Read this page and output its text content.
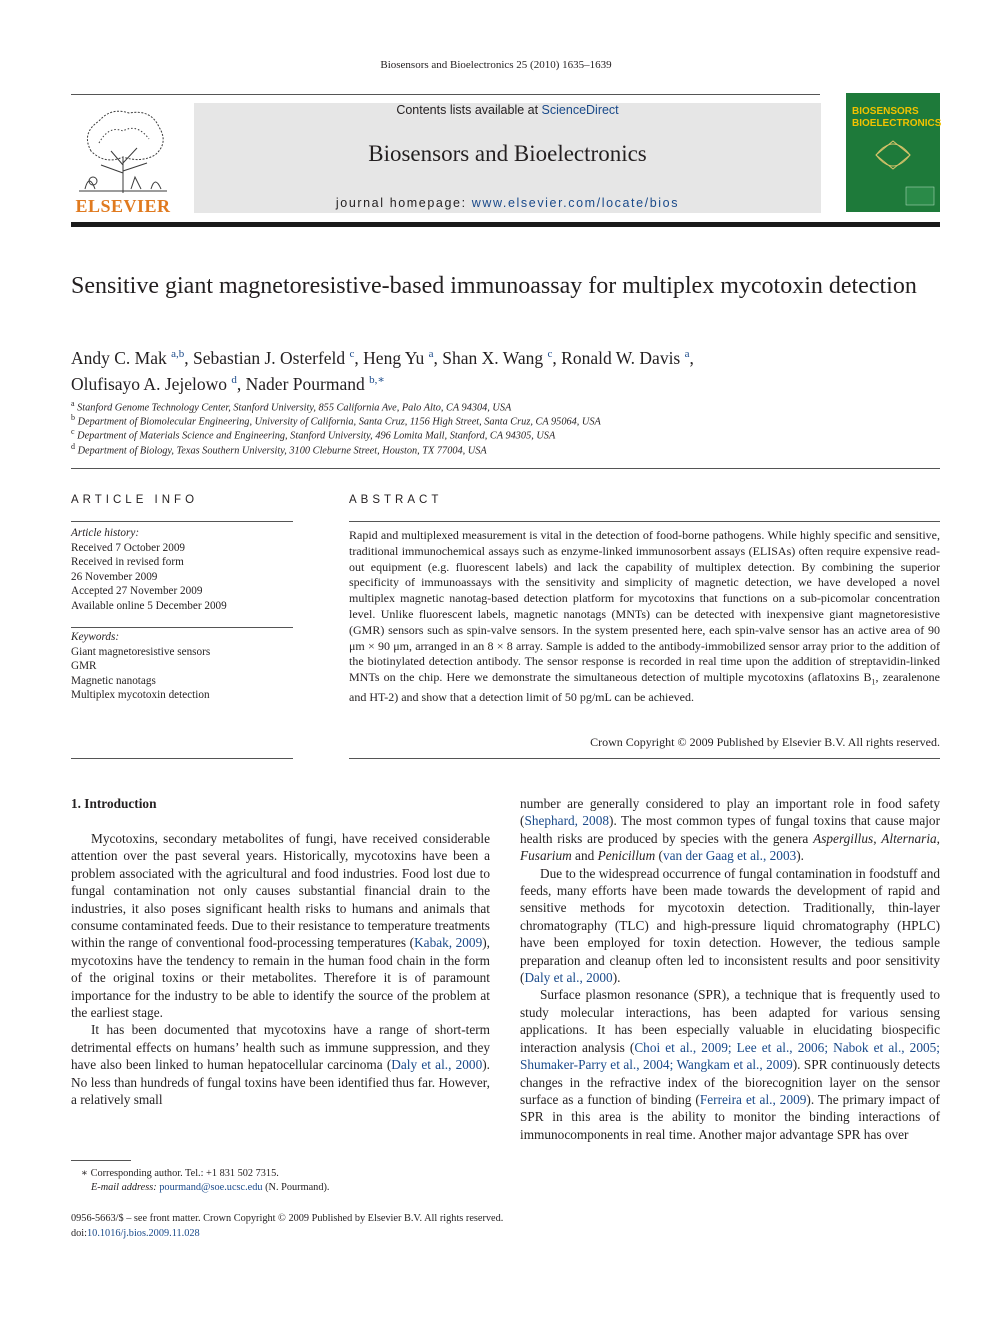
Biosensors and Bioelectronics 25 (2010) 1635–1639
ELSEVIER
Contents lists available at ScienceDirect
Biosensors and Bioelectronics
journal homepage: www.elsevier.com/locate/bios
BIOSENSORS
BIOELECTRONICS
Sensitive giant magnetoresistive-based immunoassay for multiplex mycotoxin detection
Andy C. Mak $^{a,b}$, Sebastian J. Osterfeld $^c$, Heng Yu $^a$, Shan X. Wang $^c$, Ronald W. Davis $^a$,
Olufisayo A. Jejelowo $^d$, Nader Pourmand $^{b,∗}$
$^a$ Stanford Genome Technology Center, Stanford University, 855 California Ave, Palo Alto, CA 94304, USA
$^b$ Department of Biomolecular Engineering, University of California, Santa Cruz, 1156 High Street, Santa Cruz, CA 95064, USA
$^c$ Department of Materials Science and Engineering, Stanford University, 496 Lomita Mall, Stanford, CA 94305, USA
$^d$ Department of Biology, Texas Southern University, 3100 Cleburne Street, Houston, TX 77004, USA
ARTICLE INFO
Article history:
Received 7 October 2009
Received in revised form
26 November 2009
Accepted 27 November 2009
Available online 5 December 2009
Keywords:
Giant magnetoresistive sensors
GMR
Magnetic nanotags
Multiplex mycotoxin detection
ABSTRACT
Rapid and multiplexed measurement is vital in the detection of food-borne pathogens. While highly specific and sensitive, traditional immunochemical assays such as enzyme-linked immunosorbent assays (ELISAs) often require expensive read-out equipment (e.g. fluorescent labels) and lack the capability of multiplex detection. By combining the superior specificity of immunoassays with the sensitivity and simplicity of magnetic detection, we have developed a novel multiplex magnetic nanotag-based detection platform for mycotoxins that functions on a sub-picomolar concentration level. Unlike fluorescent labels, magnetic nanotags (MNTs) can be detected with inexpensive giant magnetoresistive (GMR) sensors such as spin-valve sensors. In the system presented here, each spin-valve sensor has an active area of 90 μm × 90 μm, arranged in an 8 × 8 array. Sample is added to the antibody-immobilized sensor array prior to the addition of the biotinylated detection antibody. The sensor response is recorded in real time upon the addition of streptavidin-linked MNTs on the chip. Here we demonstrate the simultaneous detection of multiple mycotoxins (aflatoxins $B_1$, zearalenone and HT-2) and show that a detection limit of 50 pg/mL can be achieved.
Crown Copyright © 2009 Published by Elsevier B.V. All rights reserved.
1. Introduction

Mycotoxins, secondary metabolites of fungi, have received considerable attention over the past several years. Historically, mycotoxins have been a problem associated with the agricultural and food industries. Food lost due to fungal contamination not only causes substantial financial drain to the industries, it also poses significant health risks to humans and animals that consume contaminated feeds. Due to their resistance to temperature treatments within the range of conventional food-processing temperatures (Kabak, 2009), mycotoxins have the tendency to remain in the human food chain in the form of the original toxins or their metabolites. Therefore it is of paramount importance for the industry to be able to identify the source of the problem at the earliest stage.

It has been documented that mycotoxins have a range of short-term detrimental effects on humans’ health such as immune suppression, and they have also been linked to human hepatocellular carcinoma (Daly et al., 2000). No less than hundreds of fungal toxins have been identified thus far. However, a relatively small

number are generally considered to play an important role in food safety (Shephard, 2008). The most common types of fungal toxins that cause major health risks are produced by species with the genera Aspergillus, Alternaria, Fusarium and Penicillum (van der Gaag et al., 2003).

Due to the widespread occurrence of fungal contamination in foodstuff and feeds, many efforts have been made towards the development of rapid and sensitive methods for mycotoxin detection. Traditionally, thin-layer chromatography (TLC) and high-pressure liquid chromatography (HPLC) have been employed for toxin detection. However, the tedious sample preparation and cleanup often led to inconsistent results and poor sensitivity (Daly et al., 2000).

Surface plasmon resonance (SPR), a technique that is frequently used to study molecular interactions, has been adapted for various sensing applications. It has been especially valuable in elucidating biospecific interaction analysis (Choi et al., 2009; Lee et al., 2006; Nabok et al., 2005; Shumaker-Parry et al., 2004; Wangkam et al., 2009). SPR continuously detects changes in the refractive index of the biorecognition layer on the sensor surface as a function of binding (Ferreira et al., 2009). The primary impact of SPR in this area is the ability to monitor the binding interactions of immunocomponents in real time. Another major advantage SPR has over

∗ Corresponding author. Tel.: +1 831 502 7315.
E-mail address: pourmand@soe.ucsc.edu (N. Pourmand).
0956-5663/$ – see front matter. Crown Copyright © 2009 Published by Elsevier B.V. All rights reserved.
doi:10.1016/j.bios.2009.11.028
